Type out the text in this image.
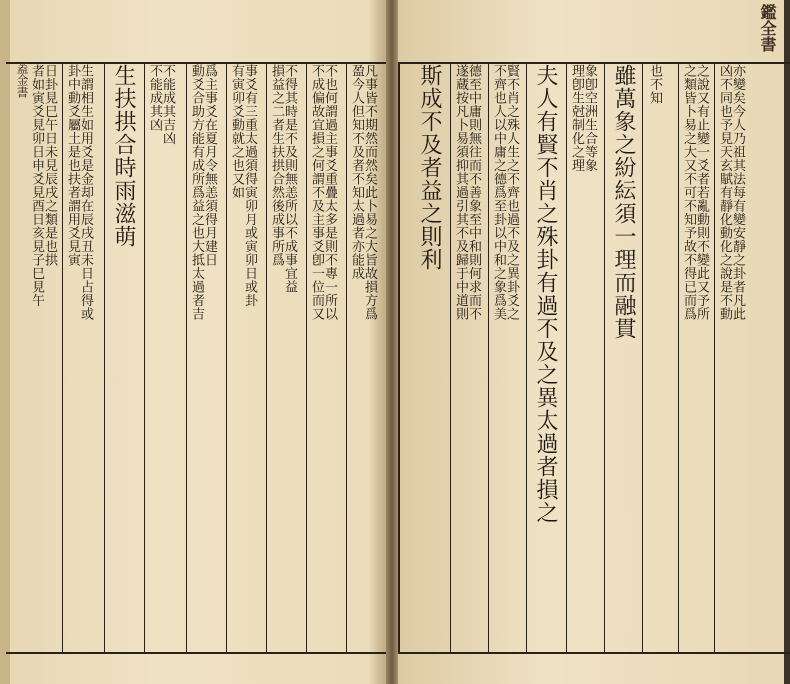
蓋金書	凡事皆不期然而然矣此卜易之大旨故損方爲
盈今人但知不及者不知太過者亦能成
不也何謂過主事爻重疊太多是則不專一所以
不成偏故宜損之何謂不及主事爻卽一位而又
不得其時是不及則無恙所以不成事宜益
損益之二者生扶拱合然後成事所爲
事爻有三重太過須得寅卯月或寅卯日或卦
有寅卯爻動就之也又如
爲主事爻在夏月令無恙須得月建日
動爻合助方能有成所爲益之也大抵太過者吉
不能成其吉凶
不能成其凶
生扶拱合時雨滋萌
生謂相生如用爻是金却在辰戌丑未日占得或
卦中動爻屬土是也扶者謂用爻見寅
日卦見巳午日未見辰戌之類是也拱
者如寅爻見卯日申爻見酉日亥見子巳見午
鑑全書
亦變矣今人乃祖其法每有變安靜之卦者凡此
凶不同也予見天玄賦有靜化動化之說是不動
之說又有止變一爻者若亂動則不變此又予所
之類皆卜易之大又不可不知予故不得已而爲
也不知
雖萬象之紛紜須一理而融貫
象卽空洲生合等象
理卽生尅制化之理
夫人有賢不肖之殊卦有過不及之異太過者損之
賢不肖之殊人生之不齊也過不及之異卦爻之
不齊也人以中庸之德爲至卦以中和之象爲美
德至中庸則無往而不善象至中和則何求而不
遂蔵按凡卜易須抑其過引其不及歸于中道則
斯成不及者益之則利
